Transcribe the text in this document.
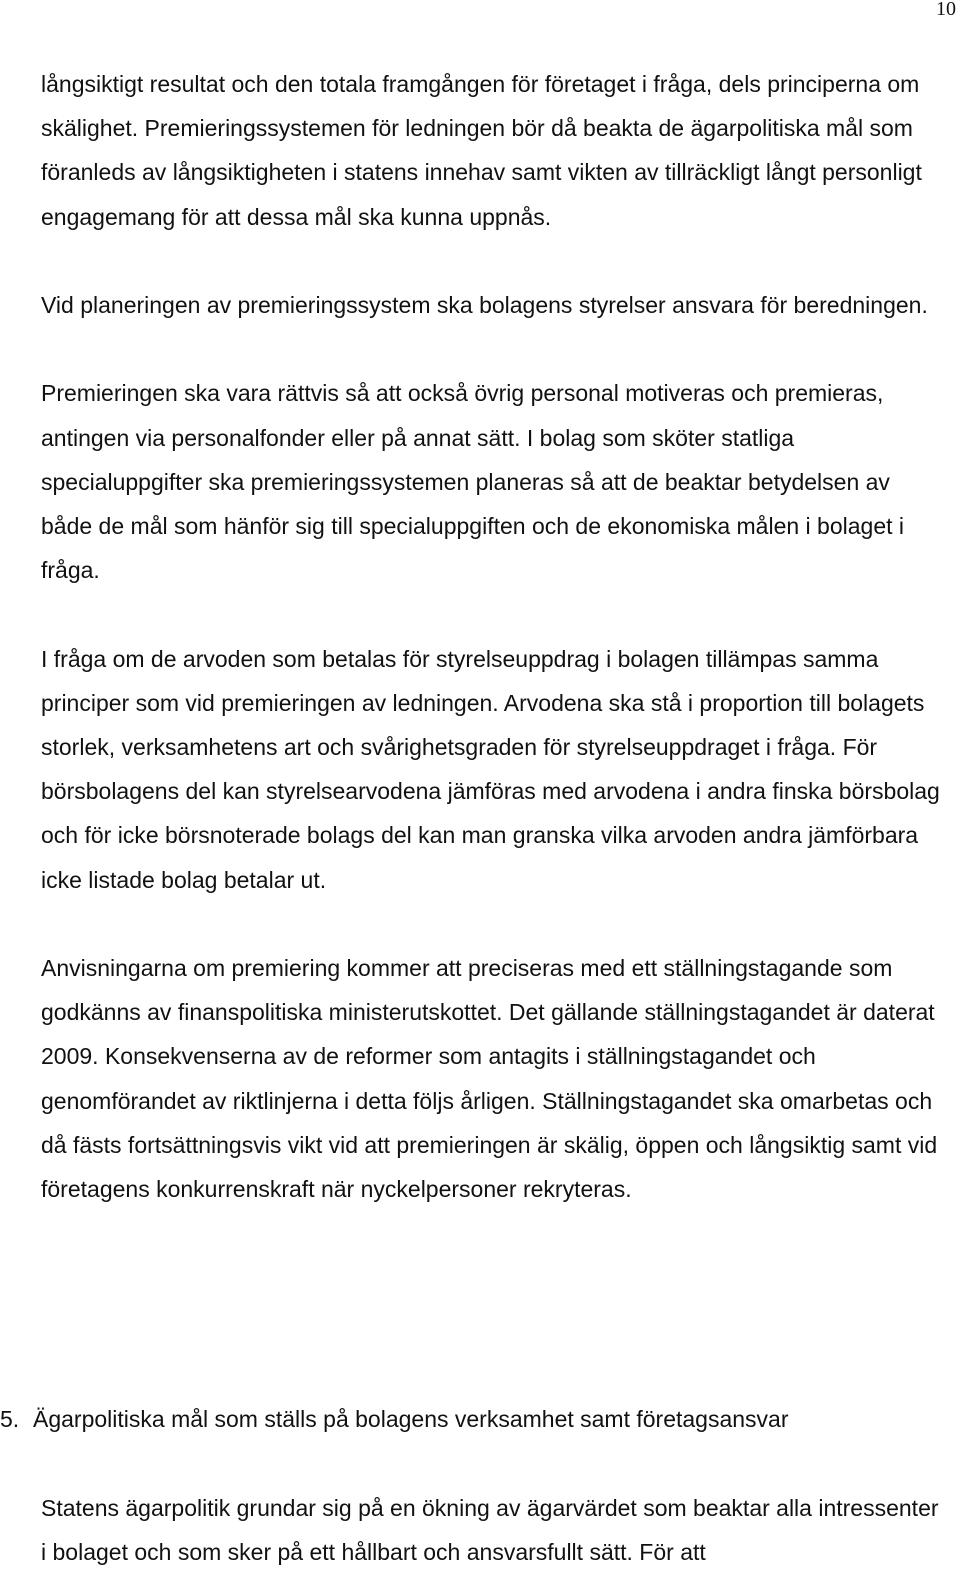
10

långsiktigt resultat och den totala framgången för företaget i fråga, dels principerna om skälighet. Premieringssystemen för ledningen bör då beakta de ägarpolitiska mål som föranleds av långsiktigheten i statens innehav samt vikten av tillräckligt långt personligt engagemang för att dessa mål ska kunna uppnås.

Vid planeringen av premieringssystem ska bolagens styrelser ansvara för beredningen.

Premieringen ska vara rättvis så att också övrig personal motiveras och premieras, antingen via personalfonder eller på annat sätt. I bolag som sköter statliga specialuppgifter ska premieringssystemen planeras så att de beaktar betydelsen av både de mål som hänför sig till specialuppgiften och de ekonomiska målen i bolaget i fråga.

I fråga om de arvoden som betalas för styrelseuppdrag i bolagen tillämpas samma principer som vid premieringen av ledningen. Arvodena ska stå i proportion till bolagets storlek, verksamhetens art och svårighetsgraden för styrelseuppdraget i fråga. För börsbolagens del kan styrelsearvodena jämföras med arvodena i andra finska börsbolag och för icke börsnoterade bolags del kan man granska vilka arvoden andra jämförbara icke listade bolag betalar ut.

Anvisningarna om premiering kommer att preciseras med ett ställningstagande som godkänns av finanspolitiska ministerutskottet. Det gällande ställningstagandet är daterat 2009. Konsekvenserna av de reformer som antagits i ställningstagandet och genomförandet av riktlinjerna i detta följs årligen. Ställningstagandet ska omarbetas och då fästs fortsättningsvis vikt vid att premieringen är skälig, öppen och långsiktig samt vid företagens konkurrenskraft när nyckelpersoner rekryteras.

5. Ägarpolitiska mål som ställs på bolagens verksamhet samt företagsansvar

Statens ägarpolitik grundar sig på en ökning av ägarvärdet som beaktar alla intressenter i bolaget och som sker på ett hållbart och ansvarsfullt sätt. För att
